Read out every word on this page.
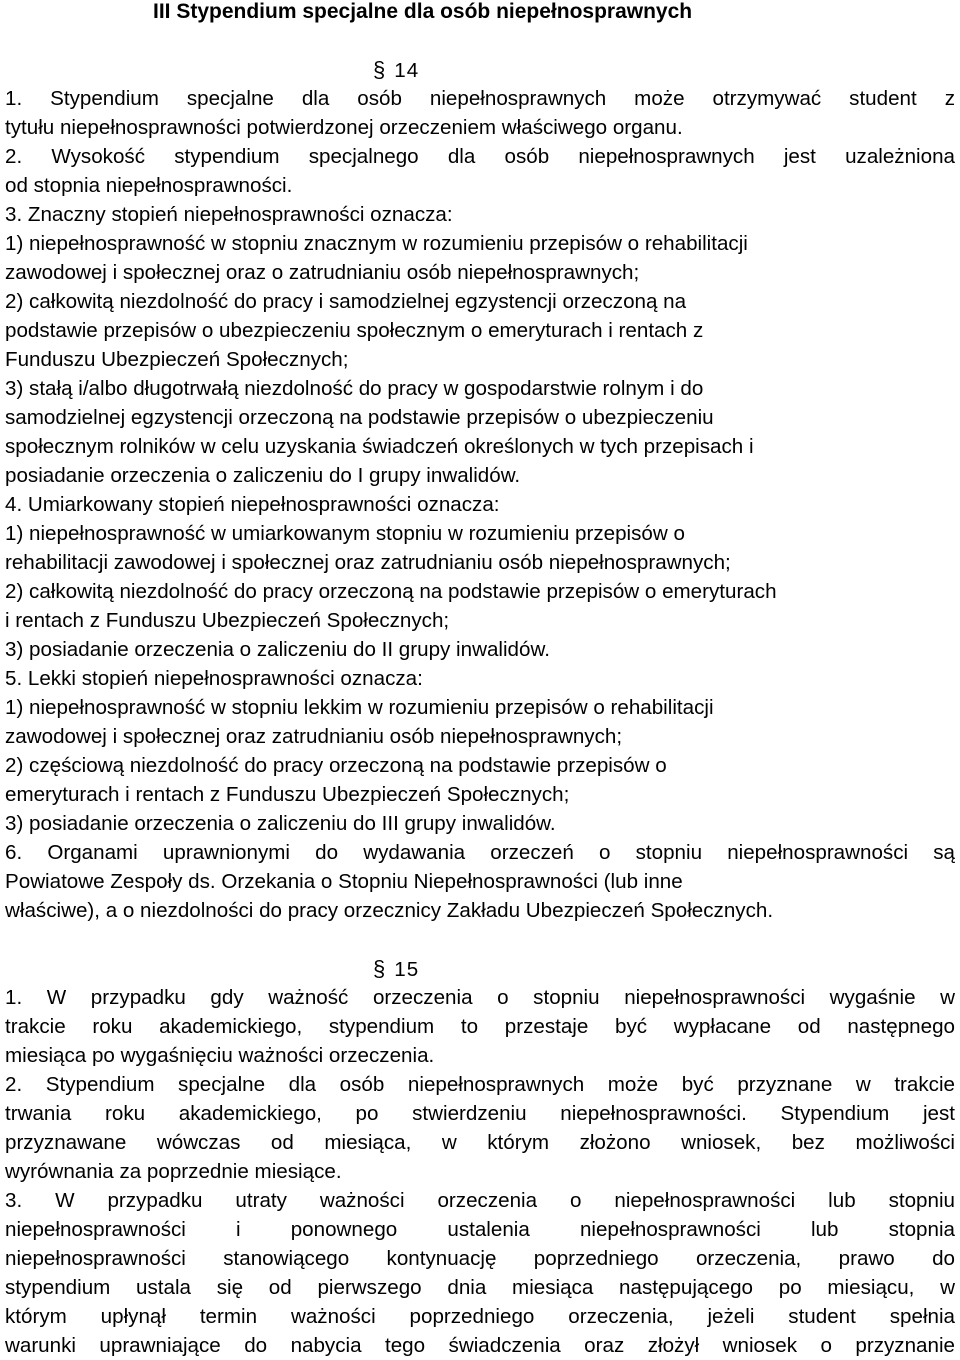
III Stypendium specjalne dla osób niepełnosprawnych
§ 14
1. Stypendium specjalne dla osób niepełnosprawnych może otrzymywać student z
tytułu niepełnosprawności potwierdzonej orzeczeniem właściwego organu.
2. Wysokość stypendium specjalnego dla osób niepełnosprawnych jest uzależniona
od stopnia niepełnosprawności.
3. Znaczny stopień niepełnosprawności oznacza:
1) niepełnosprawność w stopniu znacznym w rozumieniu przepisów o rehabilitacji
zawodowej i społecznej oraz o zatrudnianiu osób niepełnosprawnych;
2) całkowitą niezdolność do pracy i samodzielnej egzystencji orzeczoną na
podstawie przepisów o ubezpieczeniu społecznym o emeryturach i rentach z
Funduszu Ubezpieczeń Społecznych;
3) stałą i/albo długotrwałą niezdolność do pracy w gospodarstwie rolnym i do
samodzielnej egzystencji orzeczoną na podstawie przepisów o ubezpieczeniu
społecznym rolników w celu uzyskania świadczeń określonych w tych przepisach i
posiadanie orzeczenia o zaliczeniu do I grupy inwalidów.
4. Umiarkowany stopień niepełnosprawności oznacza:
1) niepełnosprawność w umiarkowanym stopniu w rozumieniu przepisów o
rehabilitacji zawodowej i społecznej oraz zatrudnianiu osób niepełnosprawnych;
2) całkowitą niezdolność do pracy orzeczoną na podstawie przepisów o emeryturach
i rentach z Funduszu Ubezpieczeń Społecznych;
3) posiadanie orzeczenia o zaliczeniu do II grupy inwalidów.
5. Lekki stopień niepełnosprawności oznacza:
1) niepełnosprawność w stopniu lekkim w rozumieniu przepisów o rehabilitacji
zawodowej i społecznej oraz zatrudnianiu osób niepełnosprawnych;
2) częściową niezdolność do pracy orzeczoną na podstawie przepisów o
emeryturach i rentach z Funduszu Ubezpieczeń Społecznych;
3) posiadanie orzeczenia o zaliczeniu do III grupy inwalidów.
6. Organami uprawnionymi do wydawania orzeczeń o stopniu niepełnosprawności są
Powiatowe Zespoły ds. Orzekania o Stopniu Niepełnosprawności (lub inne
właściwe), a o niezdolności do pracy orzecznicy Zakładu Ubezpieczeń Społecznych.
§ 15
1. W przypadku gdy ważność orzeczenia o stopniu niepełnosprawności wygaśnie w
trakcie roku akademickiego, stypendium to przestaje być wypłacane od następnego
miesiąca po wygaśnięciu ważności orzeczenia.
2. Stypendium specjalne dla osób niepełnosprawnych może być przyznane w trakcie
trwania roku akademickiego, po stwierdzeniu niepełnosprawności. Stypendium jest
przyznawane wówczas od miesiąca, w którym złożono wniosek, bez możliwości
wyrównania za poprzednie miesiące.
3. W przypadku utraty ważności orzeczenia o niepełnosprawności lub stopniu
niepełnosprawności i ponownego ustalenia niepełnosprawności lub stopnia
niepełnosprawności stanowiącego kontynuację poprzedniego orzeczenia, prawo do
stypendium ustala się od pierwszego dnia miesiąca następującego po miesiącu, w
którym upłynął termin ważności poprzedniego orzeczenia, jeżeli student spełnia
warunki uprawniające do nabycia tego świadczenia oraz złożył wniosek o przyznanie
